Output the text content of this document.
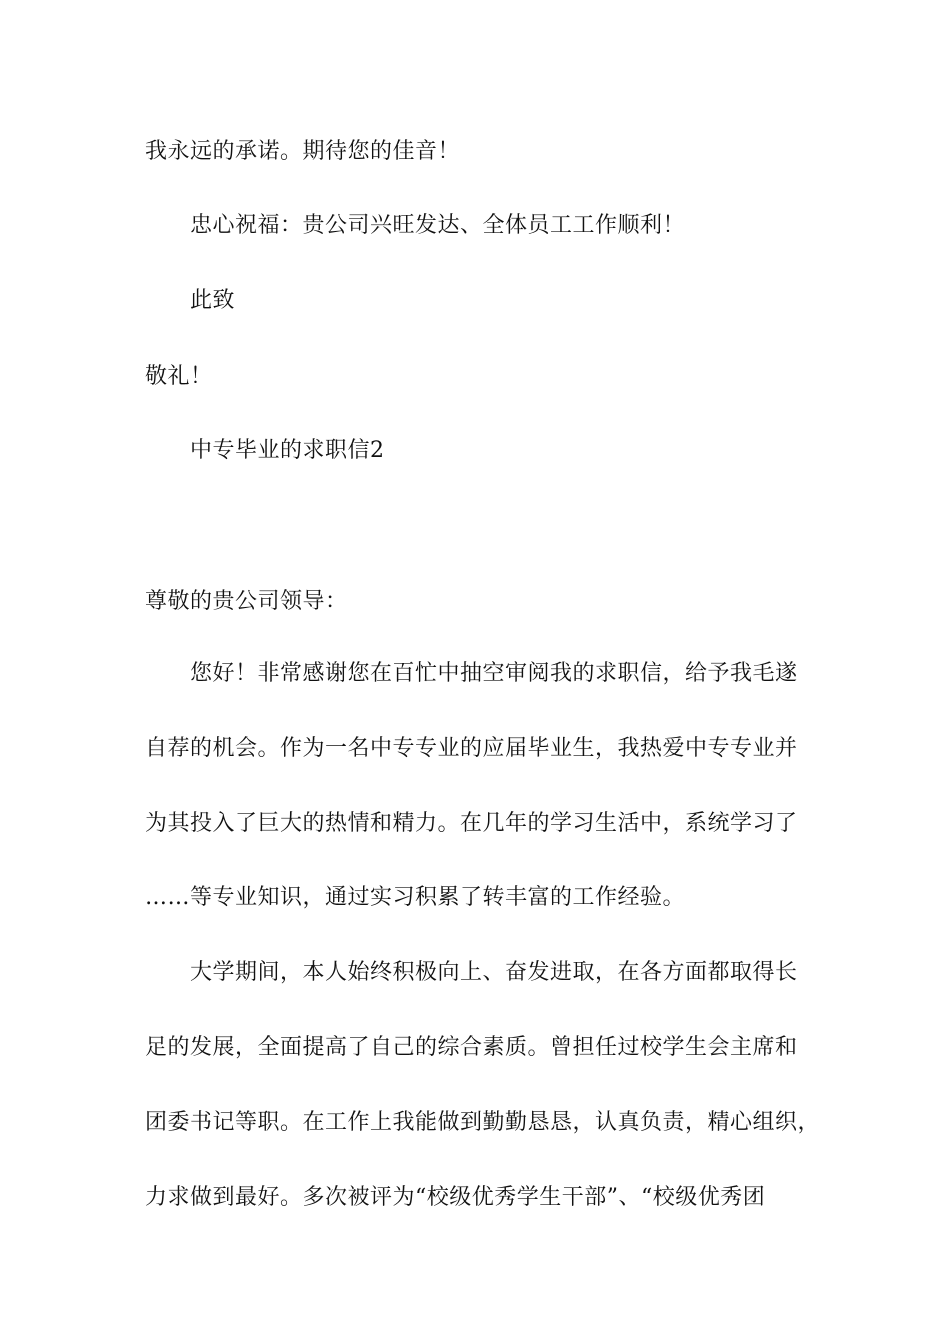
我永远的承诺。期待您的佳音！
忠心祝福：贵公司兴旺发达、全体员工工作顺利！
此致
敬礼！
中专毕业的求职信2
尊敬的贵公司领导：
您好！非常感谢您在百忙中抽空审阅我的求职信，给予我毛遂
自荐的机会。作为一名中专专业的应届毕业生，我热爱中专专业并
为其投入了巨大的热情和精力。在几年的学习生活中，系统学习了
……等专业知识，通过实习积累了转丰富的工作经验。
大学期间，本人始终积极向上、奋发进取，在各方面都取得长
足的发展，全面提高了自己的综合素质。曾担任过校学生会主席和
团委书记等职。在工作上我能做到勤勤恳恳，认真负责，精心组织，
力求做到最好。多次被评为“校级优秀学生干部”、“校级优秀团
